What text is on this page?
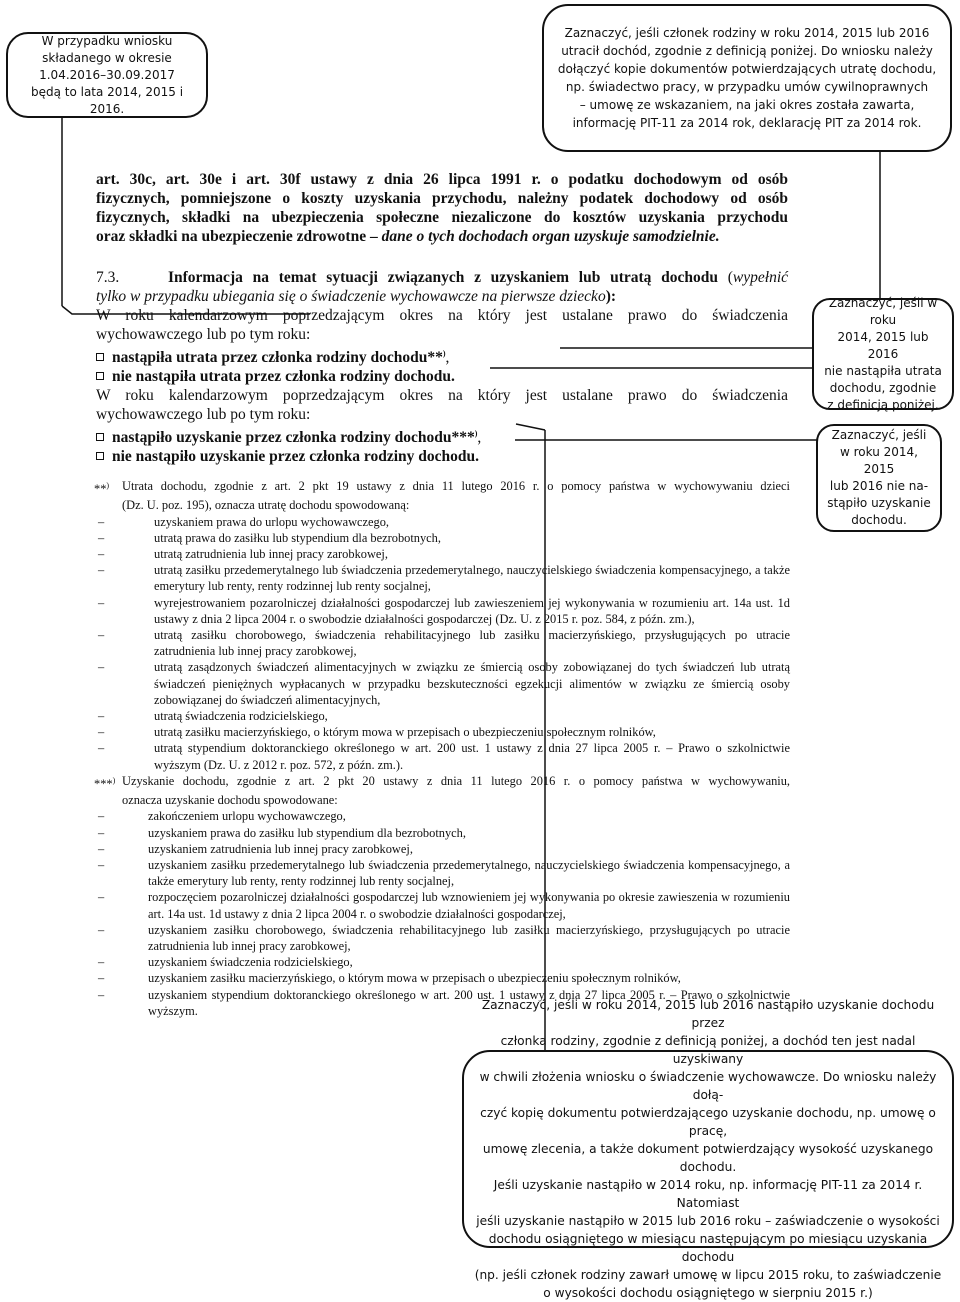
W przypadku wniosku
składanego w okresie
1.04.2016–30.09.2017
będą to lata 2014, 2015 i 2016.
Zaznaczyć, jeśli członek rodziny w roku 2014, 2015 lub 2016
utracił dochód, zgodnie z definicją poniżej. Do wniosku należy
dołączyć kopie dokumentów potwierdzających utratę dochodu,
np. świadectwo pracy, w przypadku umów cywilnoprawnych
– umowę ze wskazaniem, na jaki okres została zawarta,
informację PIT-11 za 2014 rok, deklarację PIT za 2014 rok.
Zaznaczyć, jeśli w roku
2014, 2015 lub 2016
nie nastąpiła utrata
dochodu, zgodnie
z definicją poniżej.
Zaznaczyć, jeśli
w roku 2014, 2015
lub 2016 nie na-
stąpiło uzyskanie
dochodu.
Zaznaczyć, jeśli w roku 2014, 2015 lub 2016 nastąpiło uzyskanie dochodu przez
członka rodziny, zgodnie z definicją poniżej, a dochód ten jest nadal uzyskiwany
w chwili złożenia wniosku o świadczenie wychowawcze. Do wniosku należy dołą-
czyć kopię dokumentu potwierdzającego uzyskanie dochodu, np. umowę o pracę,
umowę zlecenia, a także dokument potwierdzający wysokość uzyskanego dochodu.
Jeśli uzyskanie nastąpiło w 2014 roku, np. informację PIT-11 za 2014 r. Natomiast
jeśli uzyskanie nastąpiło w 2015 lub 2016 roku – zaświadczenie o wysokości
dochodu osiągniętego w miesiącu następującym po miesiącu uzyskania dochodu
(np. jeśli członek rodziny zawarł umowę w lipcu 2015 roku, to zaświadczenie
o wysokości dochodu osiągniętego w sierpniu 2015 r.)
art. 30c, art. 30e i art. 30f ustawy z dnia 26 lipca 1991 r. o podatku dochodowym od osób
fizycznych, pomniejszone o koszty uzyskania przychodu, należny podatek dochodowy od osób
fizycznych, składki na ubezpieczenia społeczne niezaliczone do kosztów uzyskania przychodu
oraz składki na ubezpieczenie zdrowotne – dane o tych dochodach organ uzyskuje samodzielnie.
7.3.	Informacja na temat sytuacji związanych z uzyskaniem lub utratą dochodu (wypełnić
tylko w przypadku ubiegania się o świadczenie wychowawcze na pierwsze dziecko):
W roku kalendarzowym poprzedzającym okres na który jest ustalane prawo do świadczenia
wychowawczego lub po tym roku:
nastąpiła utrata przez członka rodziny dochodu**),
nie nastąpiła utrata przez członka rodziny dochodu.
W roku kalendarzowym poprzedzającym okres na który jest ustalane prawo do świadczenia
wychowawczego lub po tym roku:
nastąpiło uzyskanie przez członka rodziny dochodu***),
nie nastąpiło uzyskanie przez członka rodziny dochodu.
**)	Utrata dochodu, zgodnie z art. 2 pkt 19 ustawy z dnia 11 lutego 2016 r. o pomocy państwa w wychowywaniu dzieci
(Dz. U. poz. 195), oznacza utratę dochodu spowodowaną:
–	uzyskaniem prawa do urlopu wychowawczego,
–	utratą prawa do zasiłku lub stypendium dla bezrobotnych,
–	utratą zatrudnienia lub innej pracy zarobkowej,
–	utratą zasiłku przedemerytalnego lub świadczenia przedemerytalnego, nauczycielskiego świadczenia kompensacyjnego, a także emerytury lub renty, renty rodzinnej lub renty socjalnej,
–	wyrejestrowaniem pozarolniczej działalności gospodarczej lub zawieszeniem jej wykonywania w rozumieniu art. 14a ust. 1d ustawy z dnia 2 lipca 2004 r. o swobodzie działalności gospodarczej (Dz. U. z 2015 r. poz. 584, z późn. zm.),
–	utratą zasiłku chorobowego, świadczenia rehabilitacyjnego lub zasiłku macierzyńskiego, przysługujących po utracie zatrudnienia lub innej pracy zarobkowej,
–	utratą zasądzonych świadczeń alimentacyjnych w związku ze śmiercią osoby zobowiązanej do tych świadczeń lub utratą świadczeń pieniężnych wypłacanych w przypadku bezskuteczności egzekucji alimentów w związku ze śmiercią osoby zobowiązanej do świadczeń alimentacyjnych,
–	utratą świadczenia rodzicielskiego,
–	utratą zasiłku macierzyńskiego, o którym mowa w przepisach o ubezpieczeniu społecznym rolników,
–	utratą stypendium doktoranckiego określonego w art. 200 ust. 1 ustawy z dnia 27 lipca 2005 r. – Prawo o szkolnictwie wyższym (Dz. U. z 2012 r. poz. 572, z późn. zm.).
***) Uzyskanie dochodu, zgodnie z art. 2 pkt 20 ustawy z dnia 11 lutego 2016 r. o pomocy państwa w wychowywaniu,
oznacza uzyskanie dochodu spowodowane:
–	zakończeniem urlopu wychowawczego,
–	uzyskaniem prawa do zasiłku lub stypendium dla bezrobotnych,
–	uzyskaniem zatrudnienia lub innej pracy zarobkowej,
–	uzyskaniem zasiłku przedemerytalnego lub świadczenia przedemerytalnego, nauczycielskiego świadczenia kompensacyjnego, a także emerytury lub renty, renty rodzinnej lub renty socjalnej,
–	rozpoczęciem pozarolniczej działalności gospodarczej lub wznowieniem jej wykonywania po okresie zawieszenia w rozumieniu art. 14a ust. 1d ustawy z dnia 2 lipca 2004 r. o swobodzie działalności gospodarczej,
–	uzyskaniem zasiłku chorobowego, świadczenia rehabilitacyjnego lub zasiłku macierzyńskiego, przysługujących po utracie zatrudnienia lub innej pracy zarobkowej,
–	uzyskaniem świadczenia rodzicielskiego,
–	uzyskaniem zasiłku macierzyńskiego, o którym mowa w przepisach o ubezpieczeniu społecznym rolników,
–	uzyskaniem stypendium doktoranckiego określonego w art. 200 ust. 1 ustawy z dnia 27 lipca 2005 r. – Prawo o szkolnictwie wyższym.
